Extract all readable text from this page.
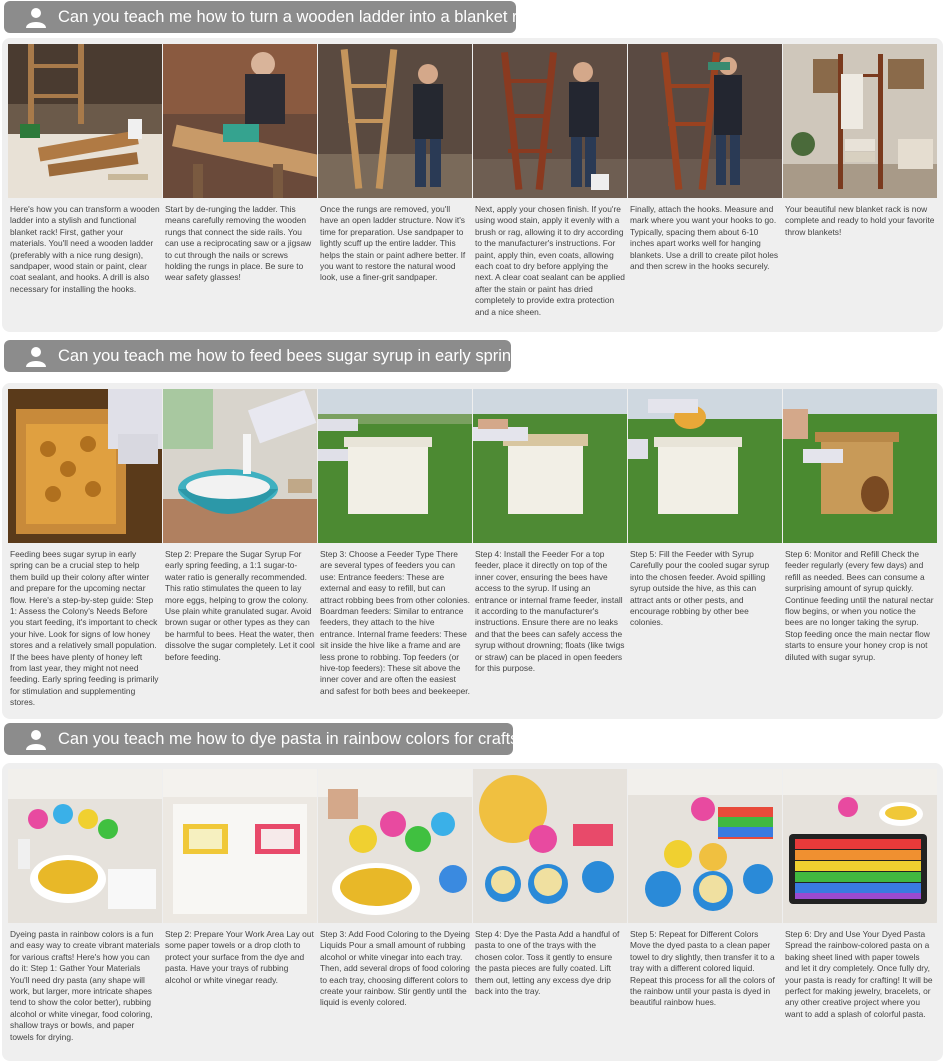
Can you teach me how to turn a wooden ladder into a blanket rack?
Here's how you can transform a wooden ladder into a stylish and functional blanket rack! First, gather your materials. You'll need a wooden ladder (preferably with a nice rung design), sandpaper, wood stain or paint, clear coat sealant, and hooks. A drill is also necessary for installing the hooks.
Start by de-runging the ladder. This means carefully removing the wooden rungs that connect the side rails. You can use a reciprocating saw or a jigsaw to cut through the nails or screws holding the rungs in place. Be sure to wear safety glasses!
Once the rungs are removed, you'll have an open ladder structure. Now it's time for preparation. Use sandpaper to lightly scuff up the entire ladder. This helps the stain or paint adhere better. If you want to restore the natural wood look, use a finer-grit sandpaper.
Next, apply your chosen finish. If you're using wood stain, apply it evenly with a brush or rag, allowing it to dry according to the manufacturer's instructions. For paint, apply thin, even coats, allowing each coat to dry before applying the next. A clear coat sealant can be applied after the stain or paint has dried completely to provide extra protection and a nice sheen.
Finally, attach the hooks. Measure and mark where you want your hooks to go. Typically, spacing them about 6-10 inches apart works well for hanging blankets. Use a drill to create pilot holes and then screw in the hooks securely.
Your beautiful new blanket rack is now complete and ready to hold your favorite throw blankets!
Can you teach me how to feed bees sugar syrup in early spring?
Feeding bees sugar syrup in early spring can be a crucial step to help them build up their colony after winter and prepare for the upcoming nectar flow. Here's a step-by-step guide: Step 1: Assess the Colony's Needs Before you start feeding, it's important to check your hive. Look for signs of low honey stores and a relatively small population. If the bees have plenty of honey left from last year, they might not need feeding. Early spring feeding is primarily for stimulation and supplementing stores.
Step 2: Prepare the Sugar Syrup For early spring feeding, a 1:1 sugar-to-water ratio is generally recommended. This ratio stimulates the queen to lay more eggs, helping to grow the colony. Use plain white granulated sugar. Avoid brown sugar or other types as they can be harmful to bees. Heat the water, then dissolve the sugar completely. Let it cool before feeding.
Step 3: Choose a Feeder Type There are several types of feeders you can use: Entrance feeders: These are external and easy to refill, but can attract robbing bees from other colonies. Boardman feeders: Similar to entrance feeders, they attach to the hive entrance. Internal frame feeders: These sit inside the hive like a frame and are less prone to robbing. Top feeders (or hive-top feeders): These sit above the inner cover and are often the easiest and safest for both bees and beekeeper.
Step 4: Install the Feeder For a top feeder, place it directly on top of the inner cover, ensuring the bees have access to the syrup. If using an entrance or internal frame feeder, install it according to the manufacturer's instructions. Ensure there are no leaks and that the bees can safely access the syrup without drowning; floats (like twigs or straw) can be placed in open feeders for this purpose.
Step 5: Fill the Feeder with Syrup Carefully pour the cooled sugar syrup into the chosen feeder. Avoid spilling syrup outside the hive, as this can attract ants or other pests, and encourage robbing by other bee colonies.
Step 6: Monitor and Refill Check the feeder regularly (every few days) and refill as needed. Bees can consume a surprising amount of syrup quickly. Continue feeding until the natural nectar flow begins, or when you notice the bees are no longer taking the syrup. Stop feeding once the main nectar flow starts to ensure your honey crop is not diluted with sugar syrup.
Can you teach me how to dye pasta in rainbow colors for crafts?
Dyeing pasta in rainbow colors is a fun and easy way to create vibrant materials for various crafts! Here's how you can do it: Step 1: Gather Your Materials You'll need dry pasta (any shape will work, but larger, more intricate shapes tend to show the color better), rubbing alcohol or white vinegar, food coloring, shallow trays or bowls, and paper towels for drying.
Step 2: Prepare Your Work Area Lay out some paper towels or a drop cloth to protect your surface from the dye and pasta. Have your trays of rubbing alcohol or white vinegar ready.
Step 3: Add Food Coloring to the Dyeing Liquids Pour a small amount of rubbing alcohol or white vinegar into each tray. Then, add several drops of food coloring to each tray, choosing different colors to create your rainbow. Stir gently until the liquid is evenly colored.
Step 4: Dye the Pasta Add a handful of pasta to one of the trays with the chosen color. Toss it gently to ensure the pasta pieces are fully coated. Lift them out, letting any excess dye drip back into the tray.
Step 5: Repeat for Different Colors Move the dyed pasta to a clean paper towel to dry slightly, then transfer it to a tray with a different colored liquid. Repeat this process for all the colors of the rainbow until your pasta is dyed in beautiful rainbow hues.
Step 6: Dry and Use Your Dyed Pasta Spread the rainbow-colored pasta on a baking sheet lined with paper towels and let it dry completely. Once fully dry, your pasta is ready for crafting! It will be perfect for making jewelry, bracelets, or any other creative project where you want to add a splash of colorful pasta.
